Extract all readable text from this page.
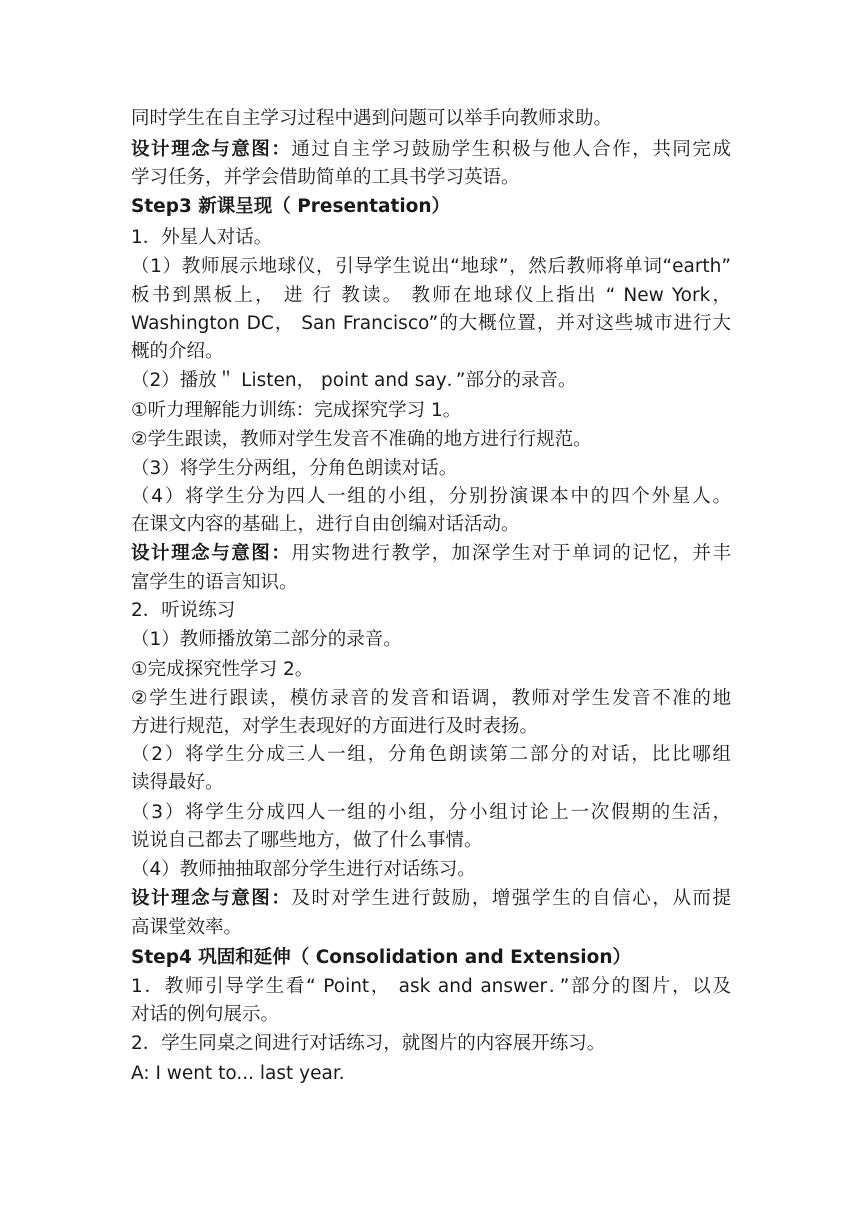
同时学生在自主学习过程中遇到问题可以举手向教师求助。
设计理念与意图：通过自主学习鼓励学生积极与他人合作，共同完成
学习任务，并学会借助简单的工具书学习英语。
Step3 新课呈现（ Presentation）
1．外星人对话。
（1）教师展示地球仪，引导学生说出“地球”，然后教师将单词“earth”
板书到黑板上， 进 行 教读。 教师在地球仪上指出 “ New York，
Washington DC， San Francisco”的大概位置，并对这些城市进行大
概的介绍。
（2）播放＂ Listen， point and say．”部分的录音。
①听力理解能力训练：完成探究学习 1。
②学生跟读，教师对学生发音不准确的地方进行行规范。
（3）将学生分两组，分角色朗读对话。
（4）将学生分为四人一组的小组，分别扮演课本中的四个外星人。
在课文内容的基础上，进行自由创编对话活动。
设计理念与意图：用实物进行教学，加深学生对于单词的记忆，并丰
富学生的语言知识。
2．听说练习
（1）教师播放第二部分的录音。
①完成探究性学习 2。
②学生进行跟读，模仿录音的发音和语调，教师对学生发音不准的地
方进行规范，对学生表现好的方面进行及时表扬。
（2）将学生分成三人一组，分角色朗读第二部分的对话，比比哪组
读得最好。
（3）将学生分成四人一组的小组，分小组讨论上一次假期的生活，
说说自己都去了哪些地方，做了什么事情。
（4）教师抽抽取部分学生进行对话练习。
设计理念与意图：及时对学生进行鼓励，增强学生的自信心，从而提
高课堂效率。
Step4 巩固和延伸（ Consolidation and Extension）
1．教师引导学生看“ Point， ask and answer．”部分的图片，以及
对话的例句展示。
2．学生同桌之间进行对话练习，就图片的内容展开练习。
A: I went to... last year.
